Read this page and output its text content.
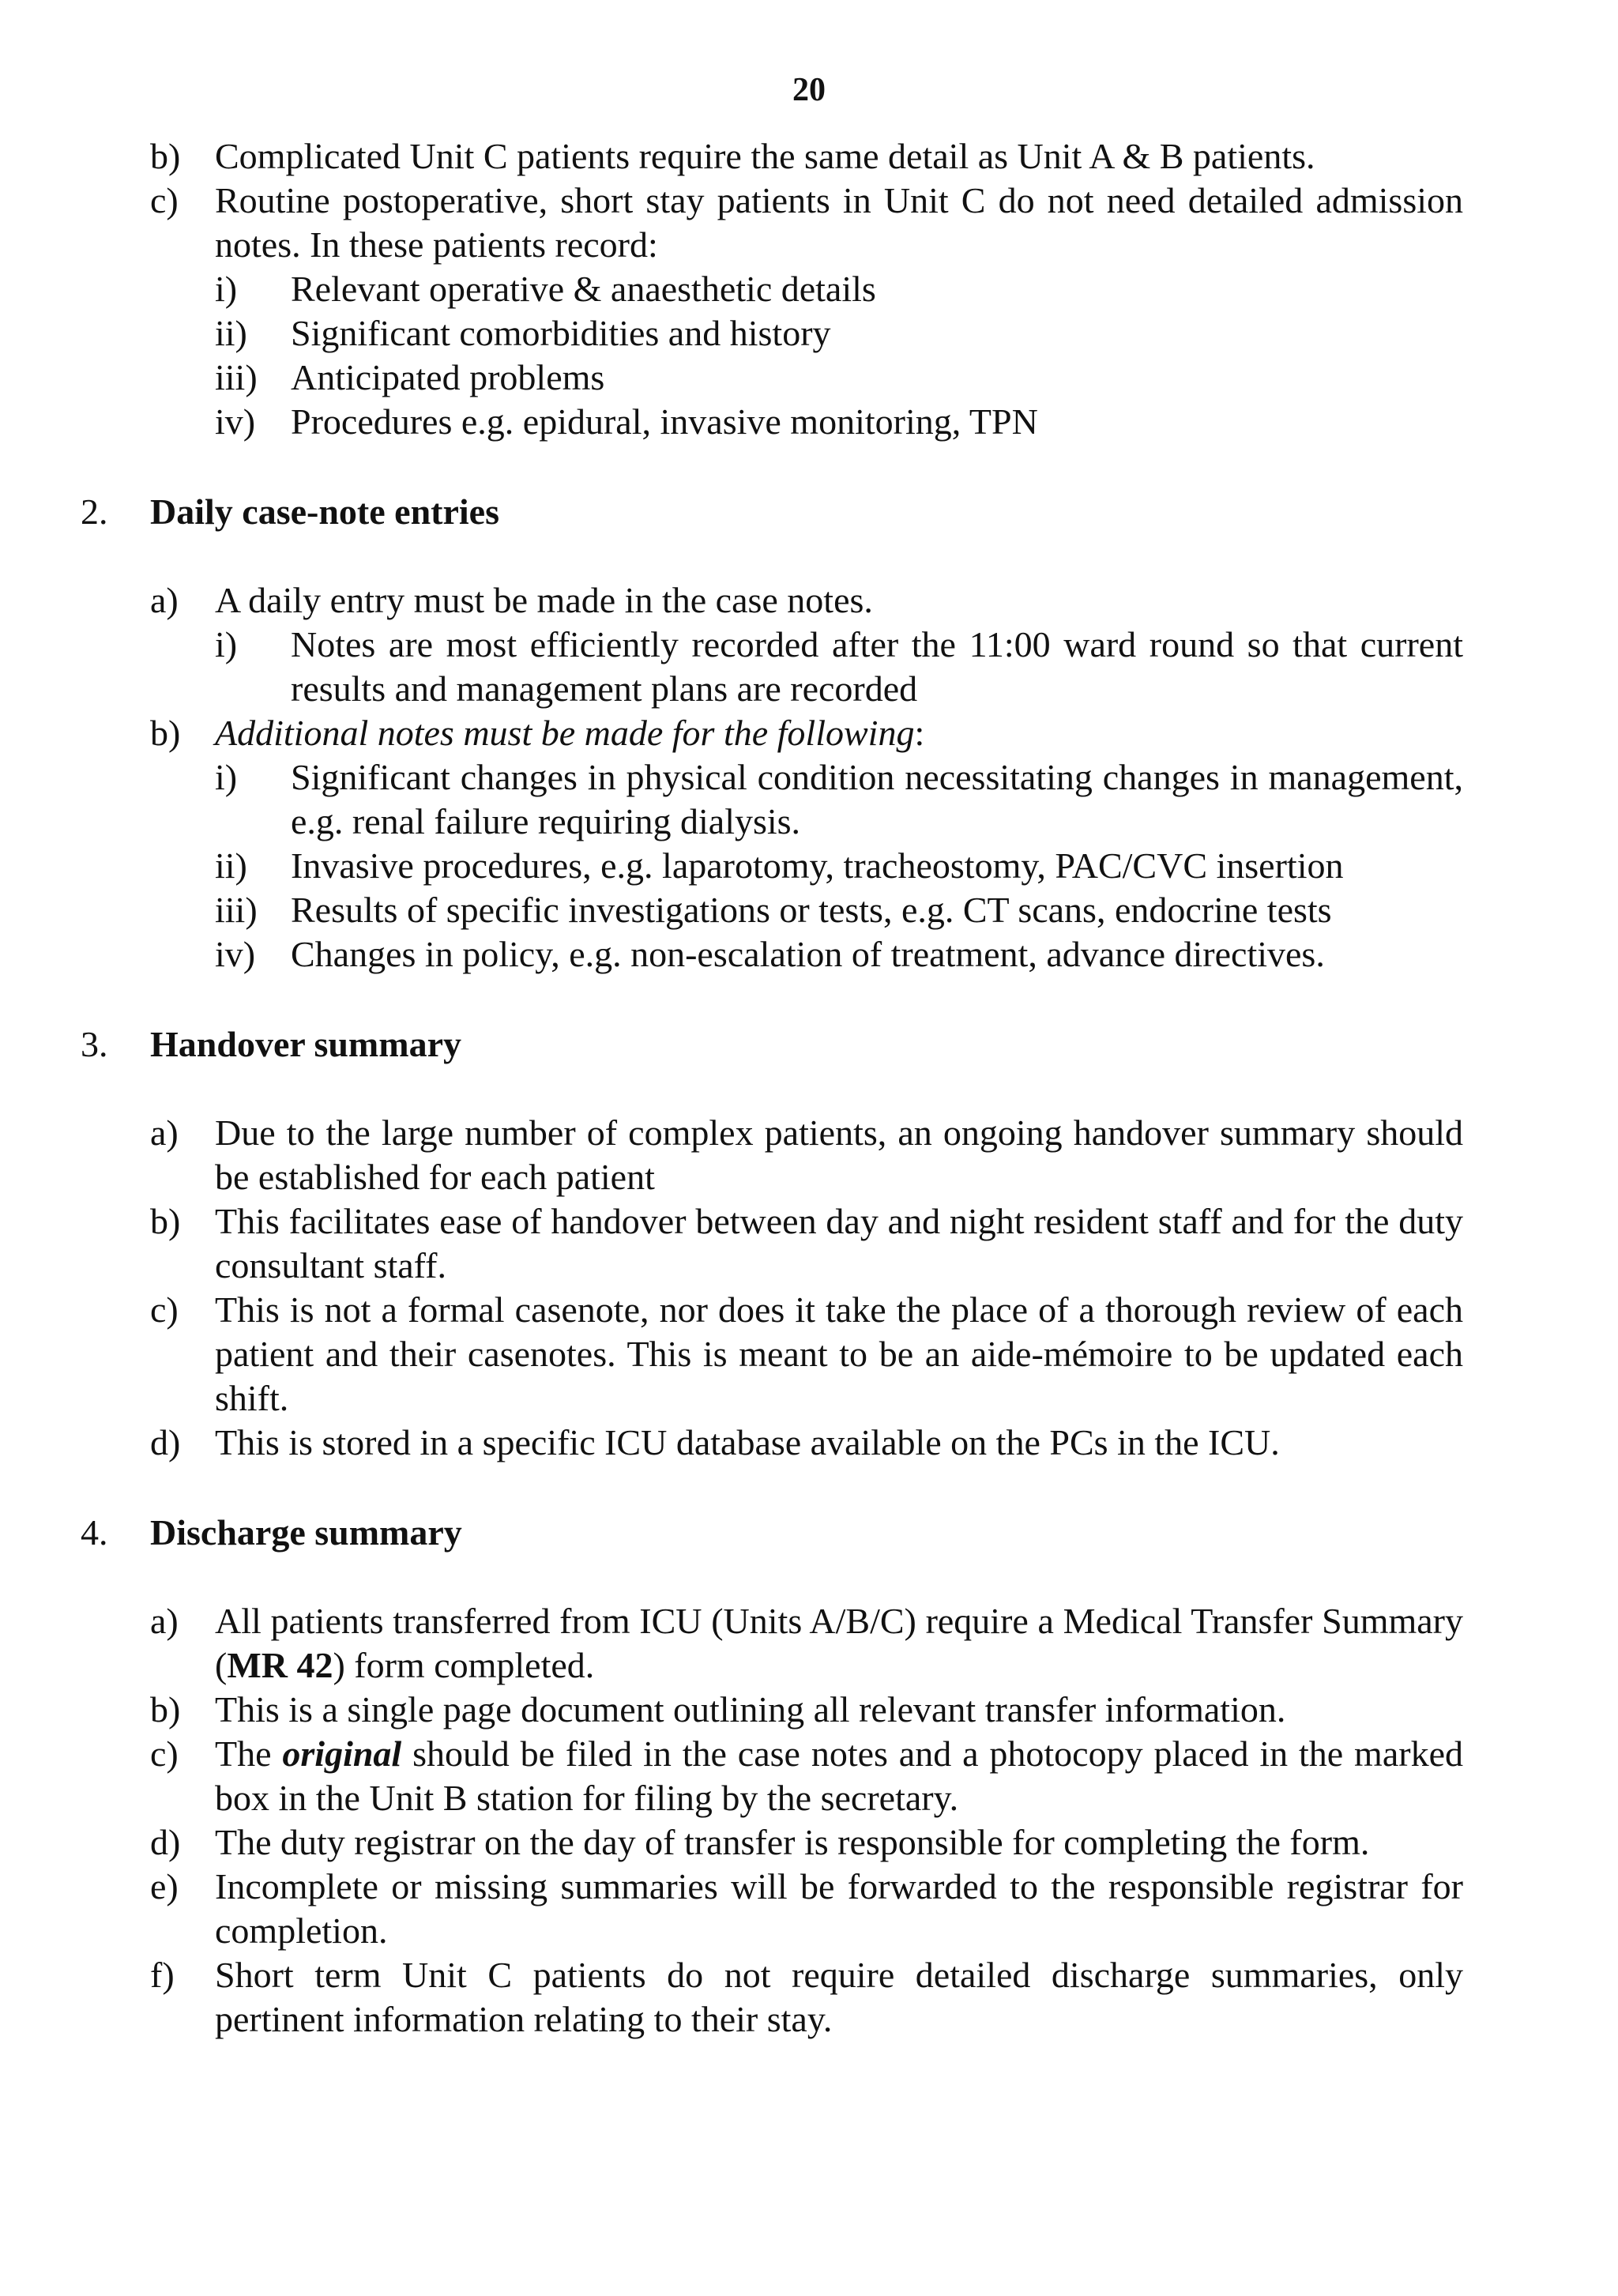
20
b) Complicated Unit C patients require the same detail as Unit A & B patients.
c) Routine postoperative, short stay patients in Unit C do not need detailed admission notes. In these patients record:
i) Relevant operative & anaesthetic details
ii) Significant comorbidities and history
iii) Anticipated problems
iv) Procedures e.g. epidural, invasive monitoring, TPN
2. Daily case-note entries
a) A daily entry must be made in the case notes.
i) Notes are most efficiently recorded after the 11:00 ward round so that current results and management plans are recorded
b) Additional notes must be made for the following:
i) Significant changes in physical condition necessitating changes in management, e.g. renal failure requiring dialysis.
ii) Invasive procedures, e.g. laparotomy, tracheostomy, PAC/CVC insertion
iii) Results of specific investigations or tests, e.g. CT scans, endocrine tests
iv) Changes in policy, e.g. non-escalation of treatment, advance directives.
3. Handover summary
a) Due to the large number of complex patients, an ongoing handover summary should be established for each patient
b) This facilitates ease of handover between day and night resident staff and for the duty consultant staff.
c) This is not a formal casenote, nor does it take the place of a thorough review of each patient and their casenotes. This is meant to be an aide-mémoire to be updated each shift.
d) This is stored in a specific ICU database available on the PCs in the ICU.
4. Discharge summary
a) All patients transferred from ICU (Units A/B/C) require a Medical Transfer Summary (MR 42) form completed.
b) This is a single page document outlining all relevant transfer information.
c) The original should be filed in the case notes and a photocopy placed in the marked box in the Unit B station for filing by the secretary.
d) The duty registrar on the day of transfer is responsible for completing the form.
e) Incomplete or missing summaries will be forwarded to the responsible registrar for completion.
f) Short term Unit C patients do not require detailed discharge summaries, only pertinent information relating to their stay.
